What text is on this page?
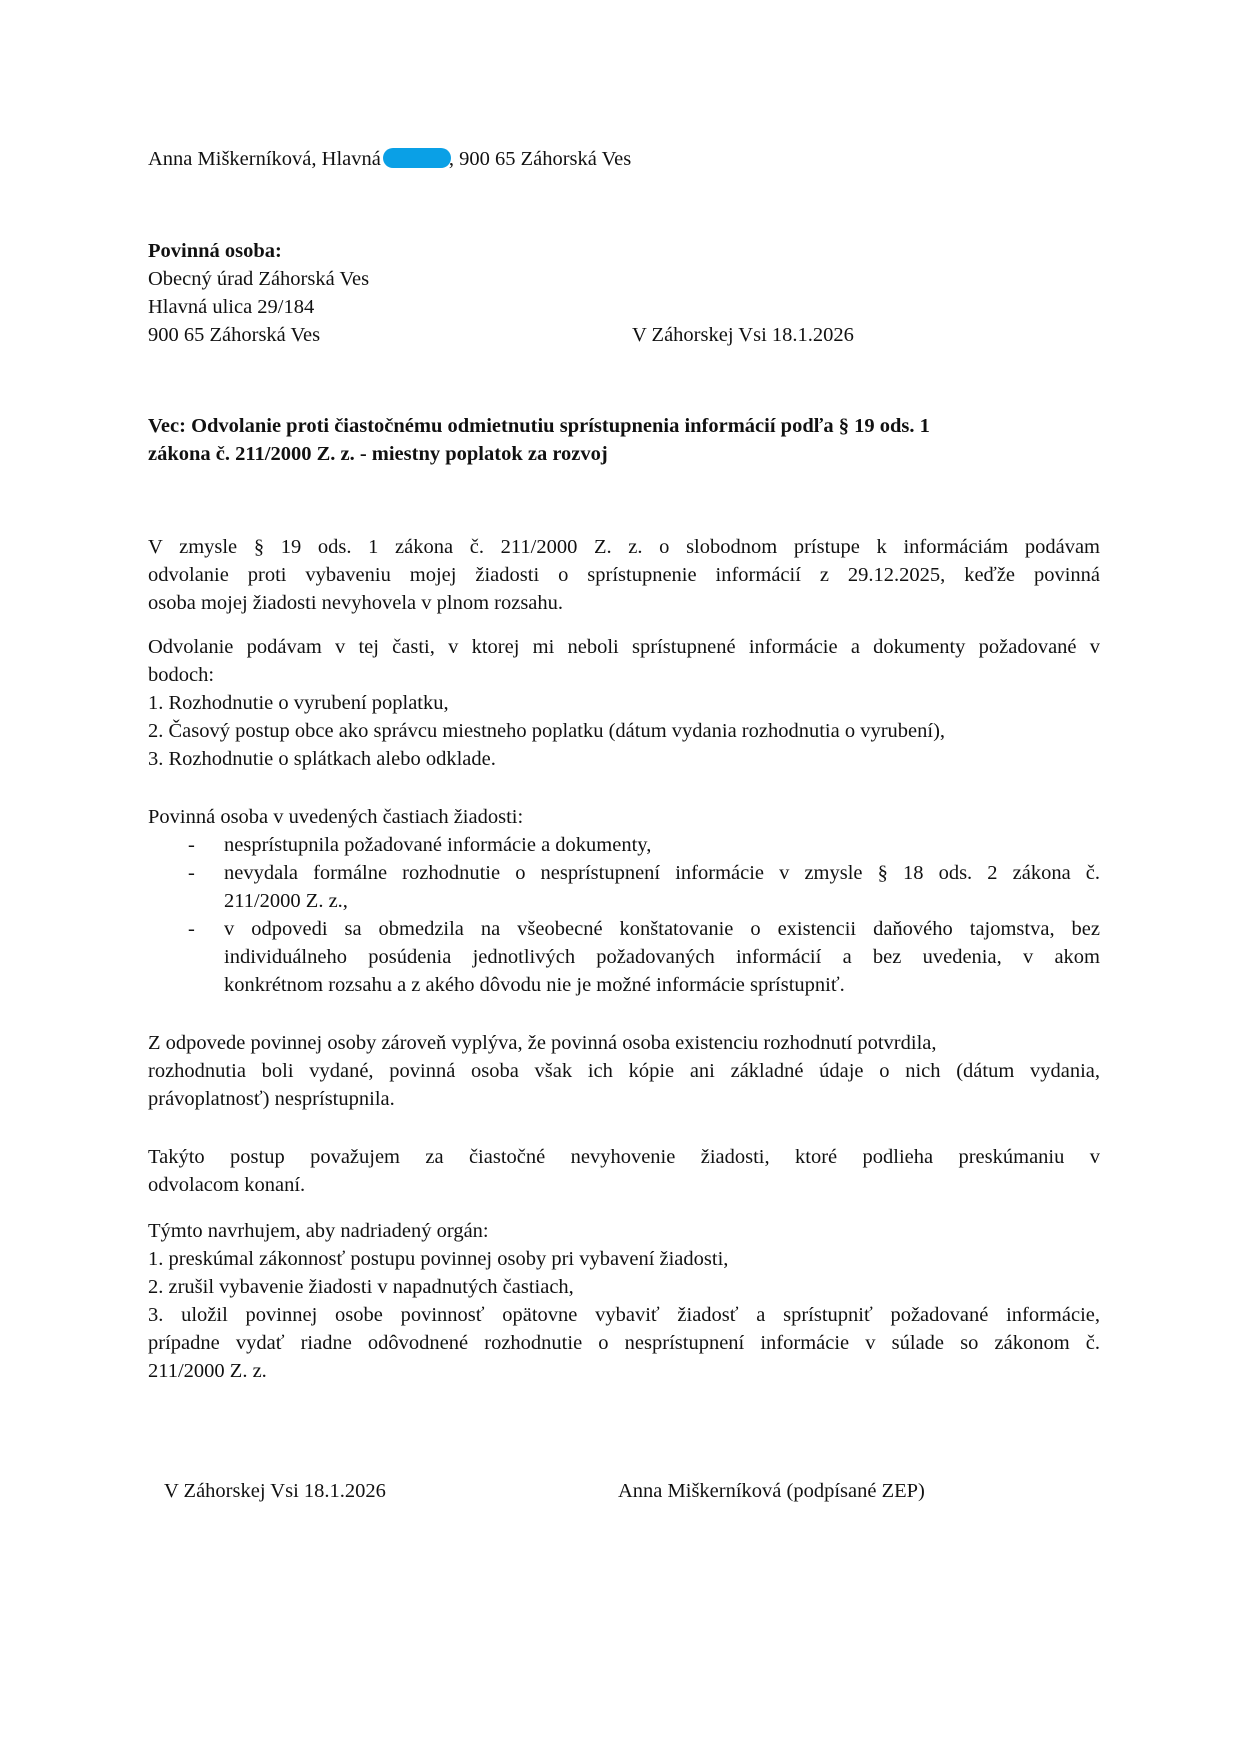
Anna Miškerníková, Hlavná	, 900 65 Záhorská Ves
Povinná osoba:
Obecný úrad Záhorská Ves
Hlavná ulica 29/184
900 65 Záhorská Ves	V Záhorskej Vsi 18.1.2026
Vec: Odvolanie proti čiastočnému odmietnutiu sprístupnenia informácií podľa § 19 ods. 1
zákona č. 211/2000 Z. z. - miestny poplatok za rozvoj
V zmysle § 19 ods. 1 zákona č. 211/2000 Z. z. o slobodnom prístupe k informáciám podávam
odvolanie proti vybaveniu mojej žiadosti o sprístupnenie informácií z 29.12.2025, keďže povinná
osoba mojej žiadosti nevyhovela v plnom rozsahu.
Odvolanie podávam v tej časti, v ktorej mi neboli sprístupnené informácie a dokumenty požadované v
bodoch:
1. Rozhodnutie o vyrubení poplatku,
2. Časový postup obce ako správcu miestneho poplatku (dátum vydania rozhodnutia o vyrubení),
3. Rozhodnutie o splátkach alebo odklade.
Povinná osoba v uvedených častiach žiadosti:
- nesprístupnila požadované informácie a dokumenty,
- nevydala formálne rozhodnutie o nesprístupnení informácie v zmysle § 18 ods. 2 zákona č.
211/2000 Z. z.,
- v odpovedi sa obmedzila na všeobecné konštatovanie o existencii daňového tajomstva, bez
individuálneho posúdenia jednotlivých požadovaných informácií a bez uvedenia, v akom
konkrétnom rozsahu a z akého dôvodu nie je možné informácie sprístupniť.
Z odpovede povinnej osoby zároveň vyplýva, že povinná osoba existenciu rozhodnutí potvrdila,
rozhodnutia boli vydané, povinná osoba však ich kópie ani základné údaje o nich (dátum vydania,
právoplatnosť) nesprístupnila.
Takýto postup považujem za čiastočné nevyhovenie žiadosti, ktoré podlieha preskúmaniu v
odvolacom konaní.
Týmto navrhujem, aby nadriadený orgán:
1. preskúmal zákonnosť postupu povinnej osoby pri vybavení žiadosti,
2. zrušil vybavenie žiadosti v napadnutých častiach,
3. uložil povinnej osobe povinnosť opätovne vybaviť žiadosť a sprístupniť požadované informácie,
prípadne vydať riadne odôvodnené rozhodnutie o nesprístupnení informácie v súlade so zákonom č.
211/2000 Z. z.
V Záhorskej Vsi 18.1.2026	Anna Miškerníková (podpísané ZEP)
